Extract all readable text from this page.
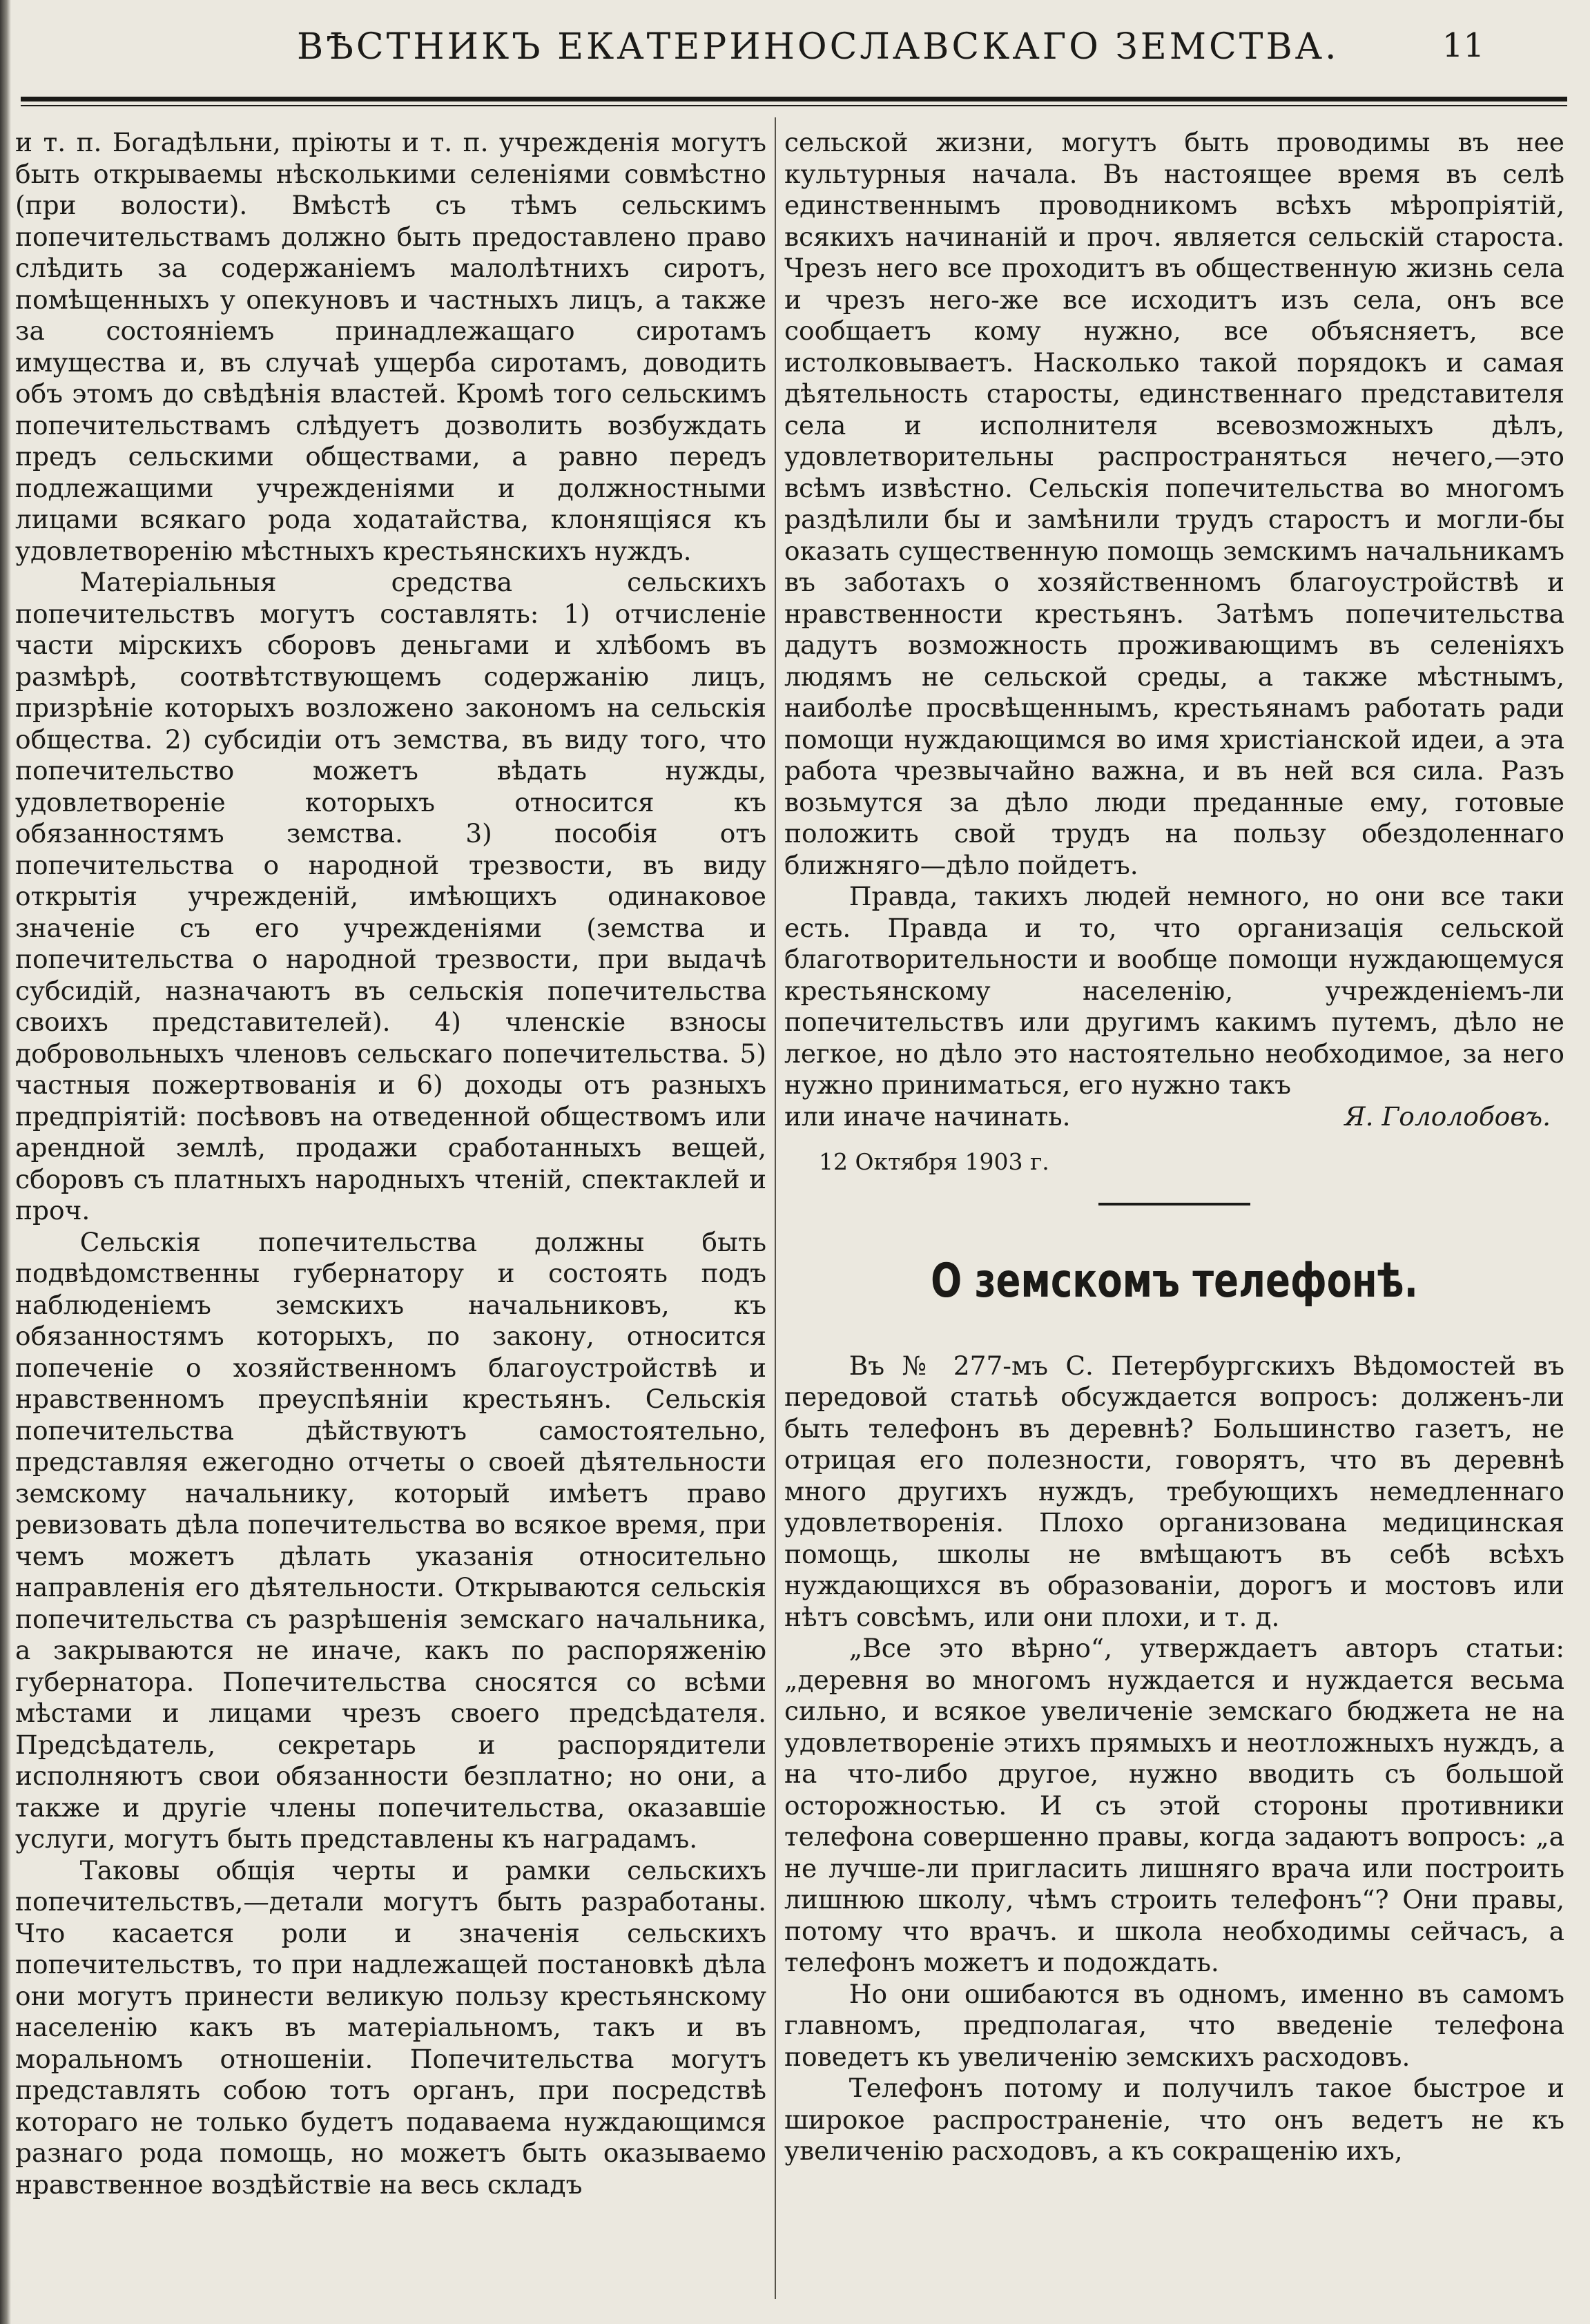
ВѢСТНИКЪ ЕКАТЕРИНОСЛАВСКАГО ЗЕМСТВА.	11

и т. п. Богадѣльни, пріюты и т. п. учрежденія могутъ быть открываемы нѣсколькими селеніями совмѣстно (при волости). Вмѣстѣ съ тѣмъ сельскимъ попечительствамъ должно быть предоставлено право слѣдить за содержаніемъ малолѣтнихъ сиротъ, помѣщенныхъ у опекуновъ и частныхъ лицъ, а также за состояніемъ принадлежащаго сиротамъ имущества и, въ случаѣ ущерба сиротамъ, доводить объ этомъ до свѣдѣнія властей. Кромѣ того сельскимъ попечительствамъ слѣдуетъ дозволить возбуждать предъ сельскими обществами, а равно передъ подлежащими учрежденіями и должностными лицами всякаго рода ходатайства, клонящіяся къ удовлетворенію мѣстныхъ крестьянскихъ нуждъ.

Матеріальныя средства сельскихъ попечительствъ могутъ составлять: 1) отчисленіе части мірскихъ сборовъ деньгами и хлѣбомъ въ размѣрѣ, соотвѣтствующемъ содержанію лицъ, призрѣніе которыхъ возложено закономъ на сельскія общества. 2) субсидіи отъ земства, въ виду того, что попечительство можетъ вѣдать нужды, удовлетвореніе которыхъ относится къ обязанностямъ земства. 3) пособія отъ попечительства о народной трезвости, въ виду открытія учрежденій, имѣющихъ одинаковое значеніе съ его учрежденіями (земства и попечительства о народной трезвости, при выдачѣ субсидій, назначаютъ въ сельскія попечительства своихъ представителей). 4) членскіе взносы добровольныхъ членовъ сельскаго попечительства. 5) частныя пожертвованія и 6) доходы отъ разныхъ предпріятій: посѣвовъ на отведенной обществомъ или арендной землѣ, продажи сработанныхъ вещей, сборовъ съ платныхъ народныхъ чтеній, спектаклей и проч.

Сельскія попечительства должны быть подвѣдомственны губернатору и состоять подъ наблюденіемъ земскихъ начальниковъ, къ обязанностямъ которыхъ, по закону, относится попеченіе о хозяйственномъ благоустройствѣ и нравственномъ преуспѣяніи крестьянъ. Сельскія попечительства дѣйствуютъ самостоятельно, представляя ежегодно отчеты о своей дѣятельности земскому начальнику, который имѣетъ право ревизовать дѣла попечительства во всякое время, при чемъ можетъ дѣлать указанія относительно направленія его дѣятельности. Открываются сельскія попечительства съ разрѣшенія земскаго начальника, а закрываются не иначе, какъ по распоряженію губернатора. Попечительства сносятся со всѣми мѣстами и лицами чрезъ своего предсѣдателя. Предсѣдатель, секретарь и распорядители исполняютъ свои обязанности безплатно; но они, а также и другіе члены попечительства, оказавшіе услуги, могутъ быть представлены къ наградамъ.

Таковы общія черты и рамки сельскихъ попечительствъ,—детали могутъ быть разработаны. Что касается роли и значенія сельскихъ попечительствъ, то при надлежащей постановкѣ дѣла они могутъ принести великую пользу крестьянскому населенію какъ въ матеріальномъ, такъ и въ моральномъ отношеніи. Попечительства могутъ представлять собою тотъ органъ, при посредствѣ котораго не только будетъ подаваема нуждающимся разнаго рода помощь, но можетъ быть оказываемо нравственное воздѣйствіе на весь складъ

сельской жизни, могутъ быть проводимы въ нее культурныя начала. Въ настоящее время въ селѣ единственнымъ проводникомъ всѣхъ мѣропріятій, всякихъ начинаній и проч. является сельскій староста. Чрезъ него все проходитъ въ общественную жизнь села и чрезъ него-же все исходитъ изъ села, онъ все сообщаетъ кому нужно, все объясняетъ, все истолковываетъ. Насколько такой порядокъ и самая дѣятельность старосты, единственнаго представителя села и исполнителя всевозможныхъ дѣлъ, удовлетворительны распространяться нечего,—это всѣмъ извѣстно. Сельскія попечительства во многомъ раздѣлили бы и замѣнили трудъ старостъ и могли-бы оказать существенную помощь земскимъ начальникамъ въ заботахъ о хозяйственномъ благоустройствѣ и нравственности крестьянъ. Затѣмъ попечительства дадутъ возможность проживающимъ въ селеніяхъ людямъ не сельской среды, а также мѣстнымъ, наиболѣе просвѣщеннымъ, крестьянамъ работать ради помощи нуждающимся во имя христіанской идеи, а эта работа чрезвычайно важна, и въ ней вся сила. Разъ возьмутся за дѣло люди преданные ему, готовые положить свой трудъ на пользу обездоленнаго ближняго—дѣло пойдетъ.

Правда, такихъ людей немного, но они все таки есть. Правда и то, что организація сельской благотворительности и вообще помощи нуждающемуся крестьянскому населенію, учрежденіемъ-ли попечительствъ или другимъ какимъ путемъ, дѣло не легкое, но дѣло это настоятельно необходимое, за него нужно приниматься, его нужно такъ

или иначе начинать.	Я. Гололобовъ.
12 Октября 1903 г.
О земскомъ телефонѣ.

Въ № 277-мъ С. Петербургскихъ Вѣдомостей въ передовой статьѣ обсуждается вопросъ: долженъ-ли быть телефонъ въ деревнѣ? Большинство газетъ, не отрицая его полезности, говорятъ, что въ деревнѣ много другихъ нуждъ, требующихъ немедленнаго удовлетворенія. Плохо организована медицинская помощь, школы не вмѣщаютъ въ себѣ всѣхъ нуждающихся въ образованіи, дорогъ и мостовъ или нѣтъ совсѣмъ, или они плохи, и т. д.

„Все это вѣрно“, утверждаетъ авторъ статьи: „деревня во многомъ нуждается и нуждается весьма сильно, и всякое увеличеніе земскаго бюджета не на удовлетвореніе этихъ прямыхъ и неотложныхъ нуждъ, а на что-либо другое, нужно вводить съ большой осторожностью. И съ этой стороны противники телефона совершенно правы, когда задаютъ вопросъ: „а не лучше-ли пригласить лишняго врача или построить лишнюю школу, чѣмъ строить телефонъ“? Они правы, потому что врачъ. и школа необходимы сейчасъ, а телефонъ можетъ и подождать.

Но они ошибаются въ одномъ, именно въ самомъ главномъ, предполагая, что введеніе телефона поведетъ къ увеличенію земскихъ расходовъ.

Телефонъ потому и получилъ такое быстрое и широкое распространеніе, что онъ ведетъ не къ увеличенію расходовъ, а къ сокращенію ихъ,
